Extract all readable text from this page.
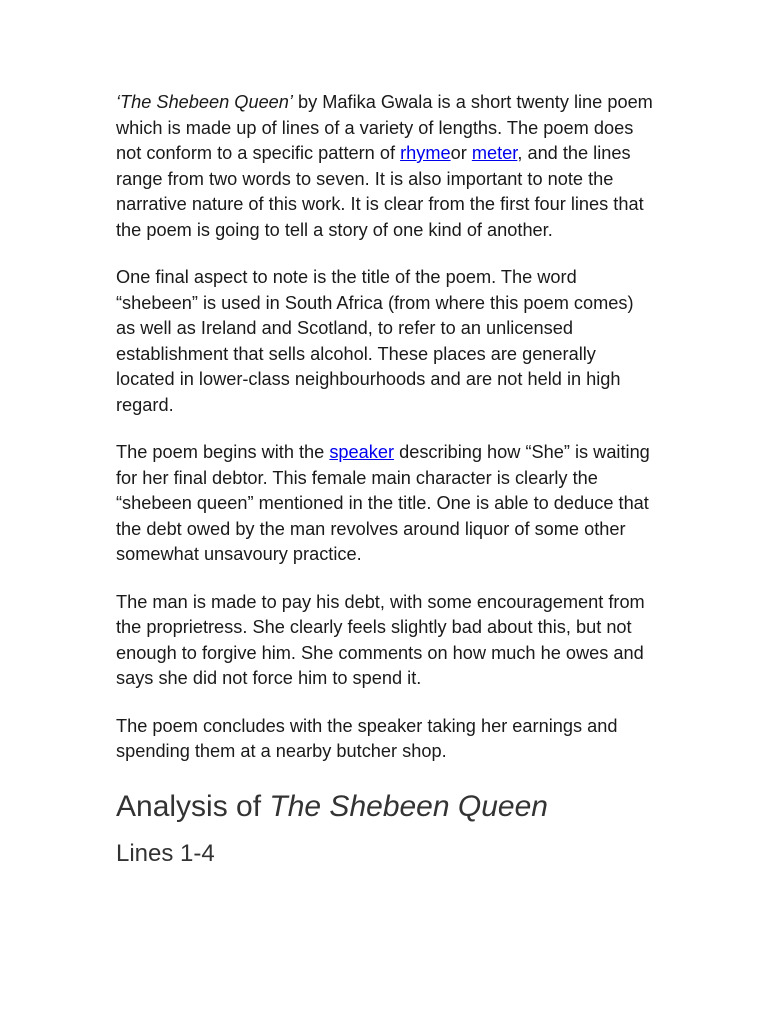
‘The Shebeen Queen’ by Mafika Gwala is a short twenty line poem which is made up of lines of a variety of lengths. The poem does not conform to a specific pattern of rhymeor meter, and the lines range from two words to seven. It is also important to note the narrative nature of this work. It is clear from the first four lines that the poem is going to tell a story of one kind of another.

One final aspect to note is the title of the poem. The word “shebeen” is used in South Africa (from where this poem comes) as well as Ireland and Scotland, to refer to an unlicensed establishment that sells alcohol. These places are generally located in lower-class neighbourhoods and are not held in high regard.

The poem begins with the speaker describing how “She” is waiting for her final debtor. This female main character is clearly the “shebeen queen” mentioned in the title. One is able to deduce that the debt owed by the man revolves around liquor of some other somewhat unsavoury practice.

The man is made to pay his debt, with some encouragement from the proprietress. She clearly feels slightly bad about this, but not enough to forgive him. She comments on how much he owes and says she did not force him to spend it.

The poem concludes with the speaker taking her earnings and spending them at a nearby butcher shop.

Analysis of The Shebeen Queen
Lines 1-4
